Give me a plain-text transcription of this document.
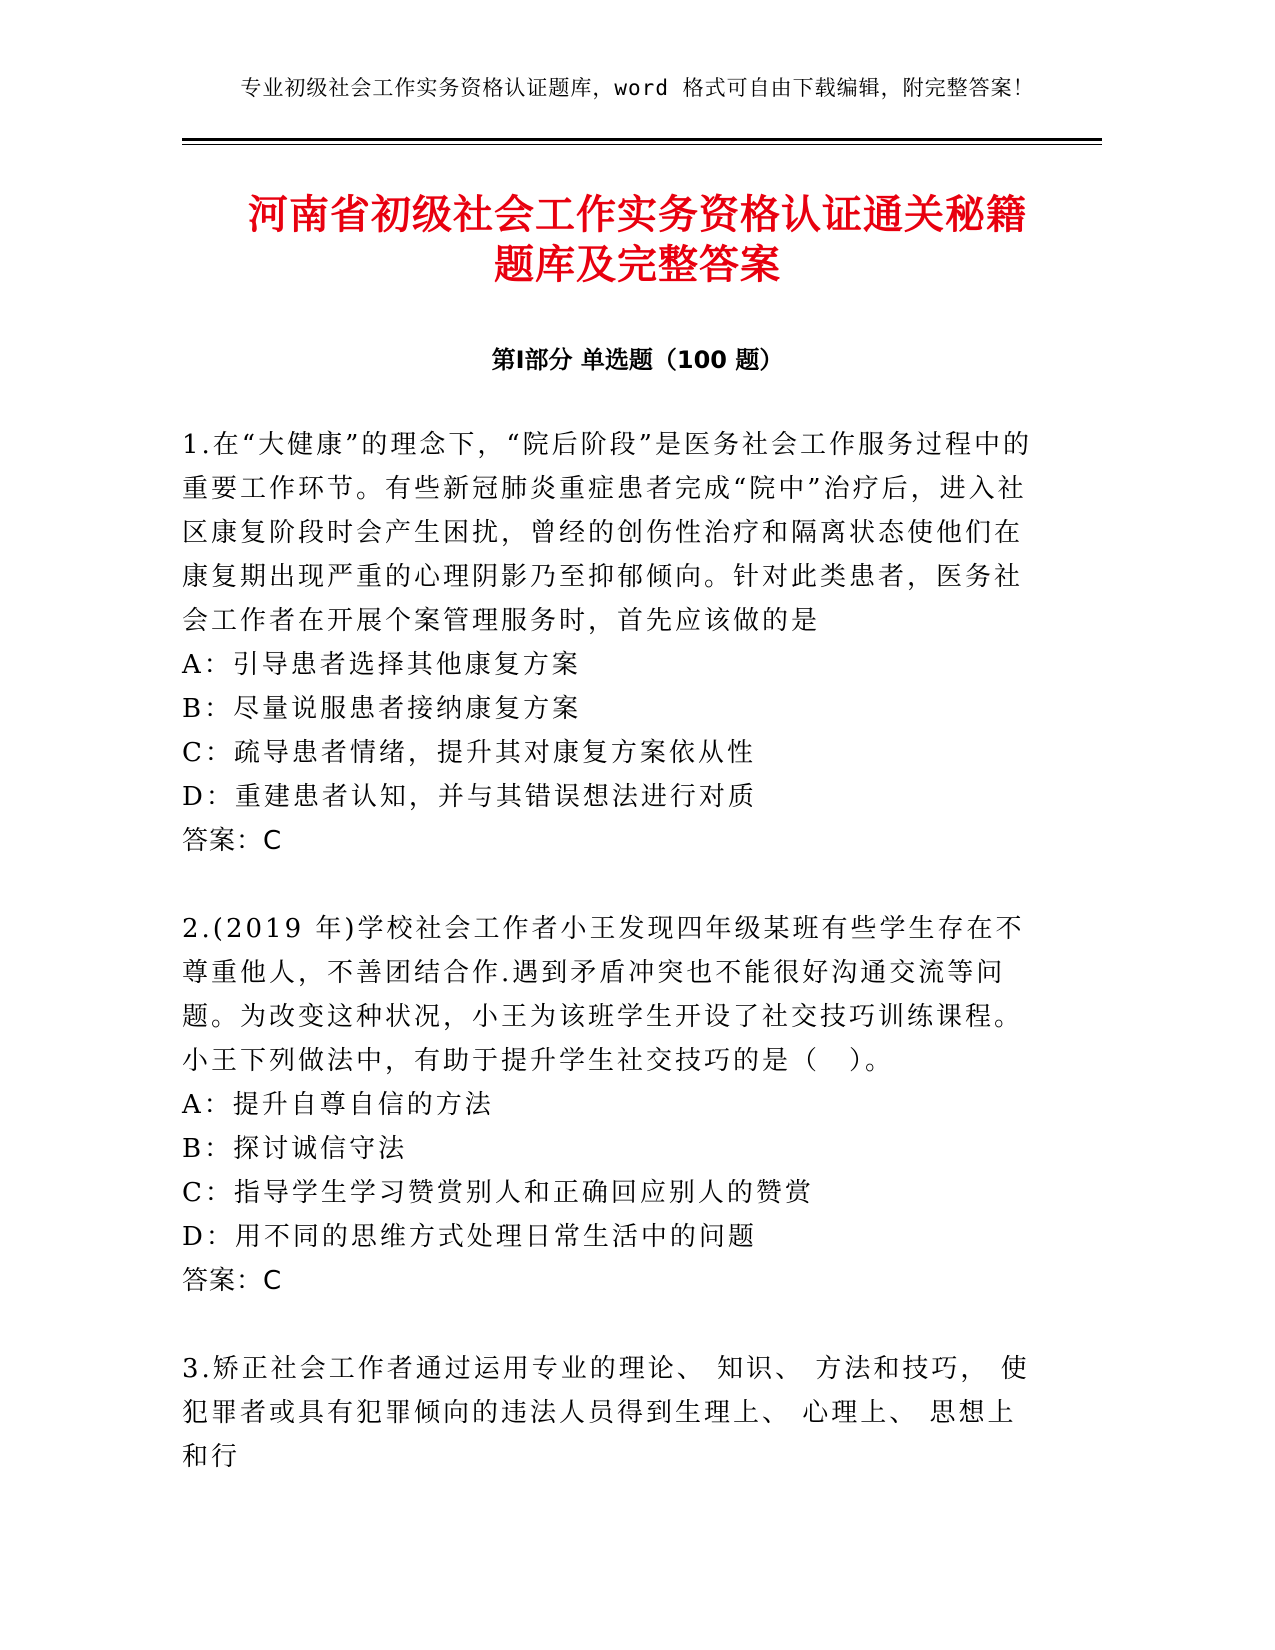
专业初级社会工作实务资格认证题库，word 格式可自由下载编辑，附完整答案！
河南省初级社会工作实务资格认证通关秘籍
题库及完整答案
第Ⅰ部分 单选题（100 题）

1.在“大健康”的理念下，“院后阶段”是医务社会工作服务过程中的重要工作环节。有些新冠肺炎重症患者完成“院中”治疗后，进入社区康复阶段时会产生困扰，曾经的创伤性治疗和隔离状态使他们在康复期出现严重的心理阴影乃至抑郁倾向。针对此类患者，医务社会工作者在开展个案管理服务时，首先应该做的是

A：引导患者选择其他康复方案

B：尽量说服患者接纳康复方案

C：疏导患者情绪，提升其对康复方案依从性

D：重建患者认知，并与其错误想法进行对质

答案：C

2.(2019 年)学校社会工作者小王发现四年级某班有些学生存在不尊重他人，不善团结合作.遇到矛盾冲突也不能很好沟通交流等问题。为改变这种状况，小王为该班学生开设了社交技巧训练课程。小王下列做法中，有助于提升学生社交技巧的是（　）。

A：提升自尊自信的方法

B：探讨诚信守法

C：指导学生学习赞赏别人和正确回应别人的赞赏

D：用不同的思维方式处理日常生活中的问题

答案：C

3.矫正社会工作者通过运用专业的理论、 知识、 方法和技巧， 使犯罪者或具有犯罪倾向的违法人员得到生理上、 心理上、 思想上和行
